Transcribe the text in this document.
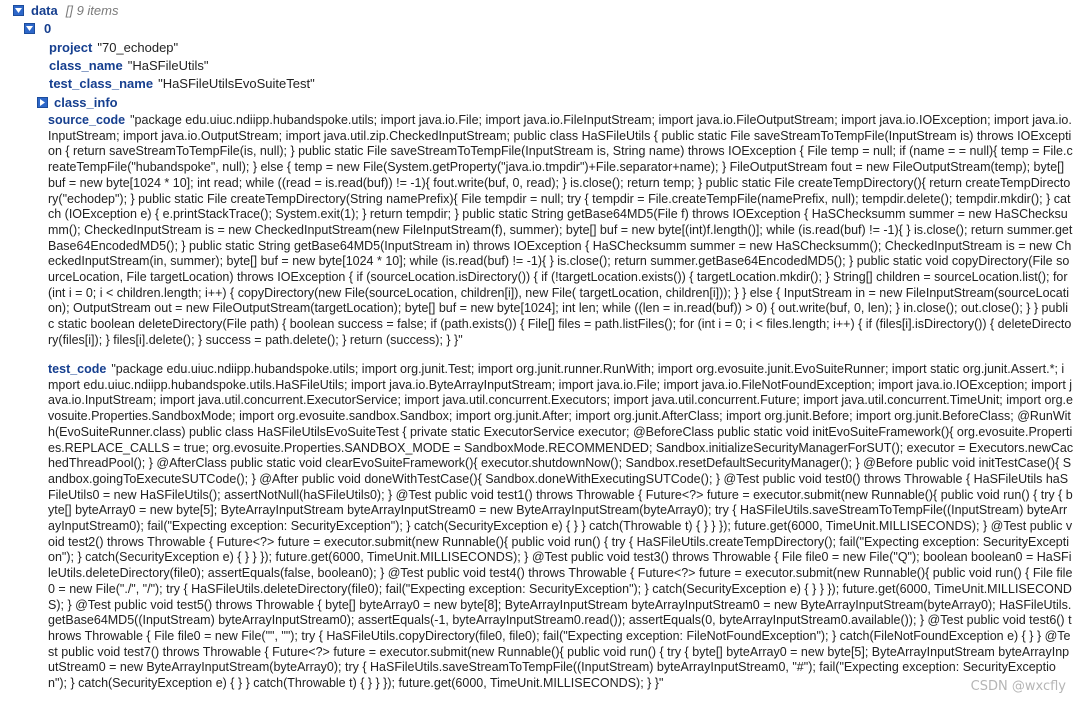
data [] 9 items
0
project "70_echodep"
class_name "HaSFileUtils"
test_class_name "HaSFileUtilsEvoSuiteTest"
class_info
source_code "package edu.uiuc.ndiipp.hubandspoke.utils; import java.io.File; import java.io.FileInputStream; import java.io.FileOutputStream; import java.io.IOException; import java.io.InputStream; import java.io.OutputStream; import java.util.zip.CheckedInputStream; public class HaSFileUtils { public static File saveStreamToTempFile(InputStream is) throws IOException { return saveStreamToTempFile(is, null); } public static File saveStreamToTempFile(InputStream is, String name) throws IOException { File temp = null; if (name = = null){ temp = File.createTempFile("hubandspoke", null); } else { temp = new File(System.getProperty("java.io.tmpdir")+File.separator+name); } FileOutputStream fout = new FileOutputStream(temp); byte[] buf = new byte[1024 * 10]; int read; while ((read = is.read(buf)) != -1){ fout.write(buf, 0, read); } is.close(); return temp; } public static File createTempDirectory(){ return createTempDirectory("echodep"); } public static File createTempDirectory(String namePrefix){ File tempdir = null; try { tempdir = File.createTempFile(namePrefix, null); tempdir.delete(); tempdir.mkdir(); } catch (IOException e) { e.printStackTrace(); System.exit(1); } return tempdir; } public static String getBase64MD5(File f) throws IOException { HaSChecksumm summer = new HaSChecksumm(); CheckedInputStream is = new CheckedInputStream(new FileInputStream(f), summer); byte[] buf = new byte[(int)f.length()]; while (is.read(buf) != -1){ } is.close(); return summer.getBase64EncodedMD5(); } public static String getBase64MD5(InputStream in) throws IOException { HaSChecksumm summer = new HaSChecksumm(); CheckedInputStream is = new CheckedInputStream(in, summer); byte[] buf = new byte[1024 * 10]; while (is.read(buf) != -1){ } is.close(); return summer.getBase64EncodedMD5(); } public static void copyDirectory(File sourceLocation, File targetLocation) throws IOException { if (sourceLocation.isDirectory()) { if (!targetLocation.exists()) { targetLocation.mkdir(); } String[] children = sourceLocation.list(); for (int i = 0; i < children.length; i++) { copyDirectory(new File(sourceLocation, children[i]), new File( targetLocation, children[i])); } } else { InputStream in = new FileInputStream(sourceLocation); OutputStream out = new FileOutputStream(targetLocation); byte[] buf = new byte[1024]; int len; while ((len = in.read(buf)) > 0) { out.write(buf, 0, len); } in.close(); out.close(); } } public static boolean deleteDirectory(File path) { boolean success = false; if (path.exists()) { File[] files = path.listFiles(); for (int i = 0; i < files.length; i++) { if (files[i].isDirectory()) { deleteDirectory(files[i]); } files[i].delete(); } success = path.delete(); } return (success); } }"
test_code "package edu.uiuc.ndiipp.hubandspoke.utils; import org.junit.Test; import org.junit.runner.RunWith; import org.evosuite.junit.EvoSuiteRunner; import static org.junit.Assert.*; import edu.uiuc.ndiipp.hubandspoke.utils.HaSFileUtils; import java.io.ByteArrayInputStream; import java.io.File; import java.io.FileNotFoundException; import java.io.IOException; import java.io.InputStream; import java.util.concurrent.ExecutorService; import java.util.concurrent.Executors; import java.util.concurrent.Future; import java.util.concurrent.TimeUnit; import org.evosuite.Properties.SandboxMode; import org.evosuite.sandbox.Sandbox; import org.junit.After; import org.junit.AfterClass; import org.junit.Before; import org.junit.BeforeClass; @RunWith(EvoSuiteRunner.class) public class HaSFileUtilsEvoSuiteTest { private static ExecutorService executor; @BeforeClass public static void initEvoSuiteFramework(){ org.evosuite.Properties.REPLACE_CALLS = true; org.evosuite.Properties.SANDBOX_MODE = SandboxMode.RECOMMENDED; Sandbox.initializeSecurityManagerForSUT(); executor = Executors.newCachedThreadPool(); } @AfterClass public static void clearEvoSuiteFramework(){ executor.shutdownNow(); Sandbox.resetDefaultSecurityManager(); } @Before public void initTestCase(){ Sandbox.goingToExecuteSUTCode(); } @After public void doneWithTestCase(){ Sandbox.doneWithExecutingSUTCode(); } @Test public void test0() throws Throwable { HaSFileUtils haSFileUtils0 = new HaSFileUtils(); assertNotNull(haSFileUtils0); } @Test public void test1() throws Throwable { Future<?> future = executor.submit(new Runnable(){ public void run() { try { byte[] byteArray0 = new byte[5]; ByteArrayInputStream byteArrayInputStream0 = new ByteArrayInputStream(byteArray0); try { HaSFileUtils.saveStreamToTempFile((InputStream) byteArrayInputStream0); fail("Expecting exception: SecurityException"); } catch(SecurityException e) { } } catch(Throwable t) { } } }); future.get(6000, TimeUnit.MILLISECONDS); } @Test public void test2() throws Throwable { Future<?> future = executor.submit(new Runnable(){ public void run() { try { HaSFileUtils.createTempDirectory(); fail("Expecting exception: SecurityException"); } catch(SecurityException e) { } } }); future.get(6000, TimeUnit.MILLISECONDS); } @Test public void test3() throws Throwable { File file0 = new File("Q"); boolean boolean0 = HaSFileUtils.deleteDirectory(file0); assertEquals(false, boolean0); } @Test public void test4() throws Throwable { Future<?> future = executor.submit(new Runnable(){ public void run() { File file0 = new File("./", "/"); try { HaSFileUtils.deleteDirectory(file0); fail("Expecting exception: SecurityException"); } catch(SecurityException e) { } } }); future.get(6000, TimeUnit.MILLISECONDS); } @Test public void test5() throws Throwable { byte[] byteArray0 = new byte[8]; ByteArrayInputStream byteArrayInputStream0 = new ByteArrayInputStream(byteArray0); HaSFileUtils.getBase64MD5((InputStream) byteArrayInputStream0); assertEquals(-1, byteArrayInputStream0.read()); assertEquals(0, byteArrayInputStream0.available()); } @Test public void test6() throws Throwable { File file0 = new File("", ""); try { HaSFileUtils.copyDirectory(file0, file0); fail("Expecting exception: FileNotFoundException"); } catch(FileNotFoundException e) { } } @Test public void test7() throws Throwable { Future<?> future = executor.submit(new Runnable(){ public void run() { try { byte[] byteArray0 = new byte[5]; ByteArrayInputStream byteArrayInputStream0 = new ByteArrayInputStream(byteArray0); try { HaSFileUtils.saveStreamToTempFile((InputStream) byteArrayInputStream0, "#"); fail("Expecting exception: SecurityException"); } catch(SecurityException e) { } } catch(Throwable t) { } } }); future.get(6000, TimeUnit.MILLISECONDS); } }"	CSDN @wxcfly
